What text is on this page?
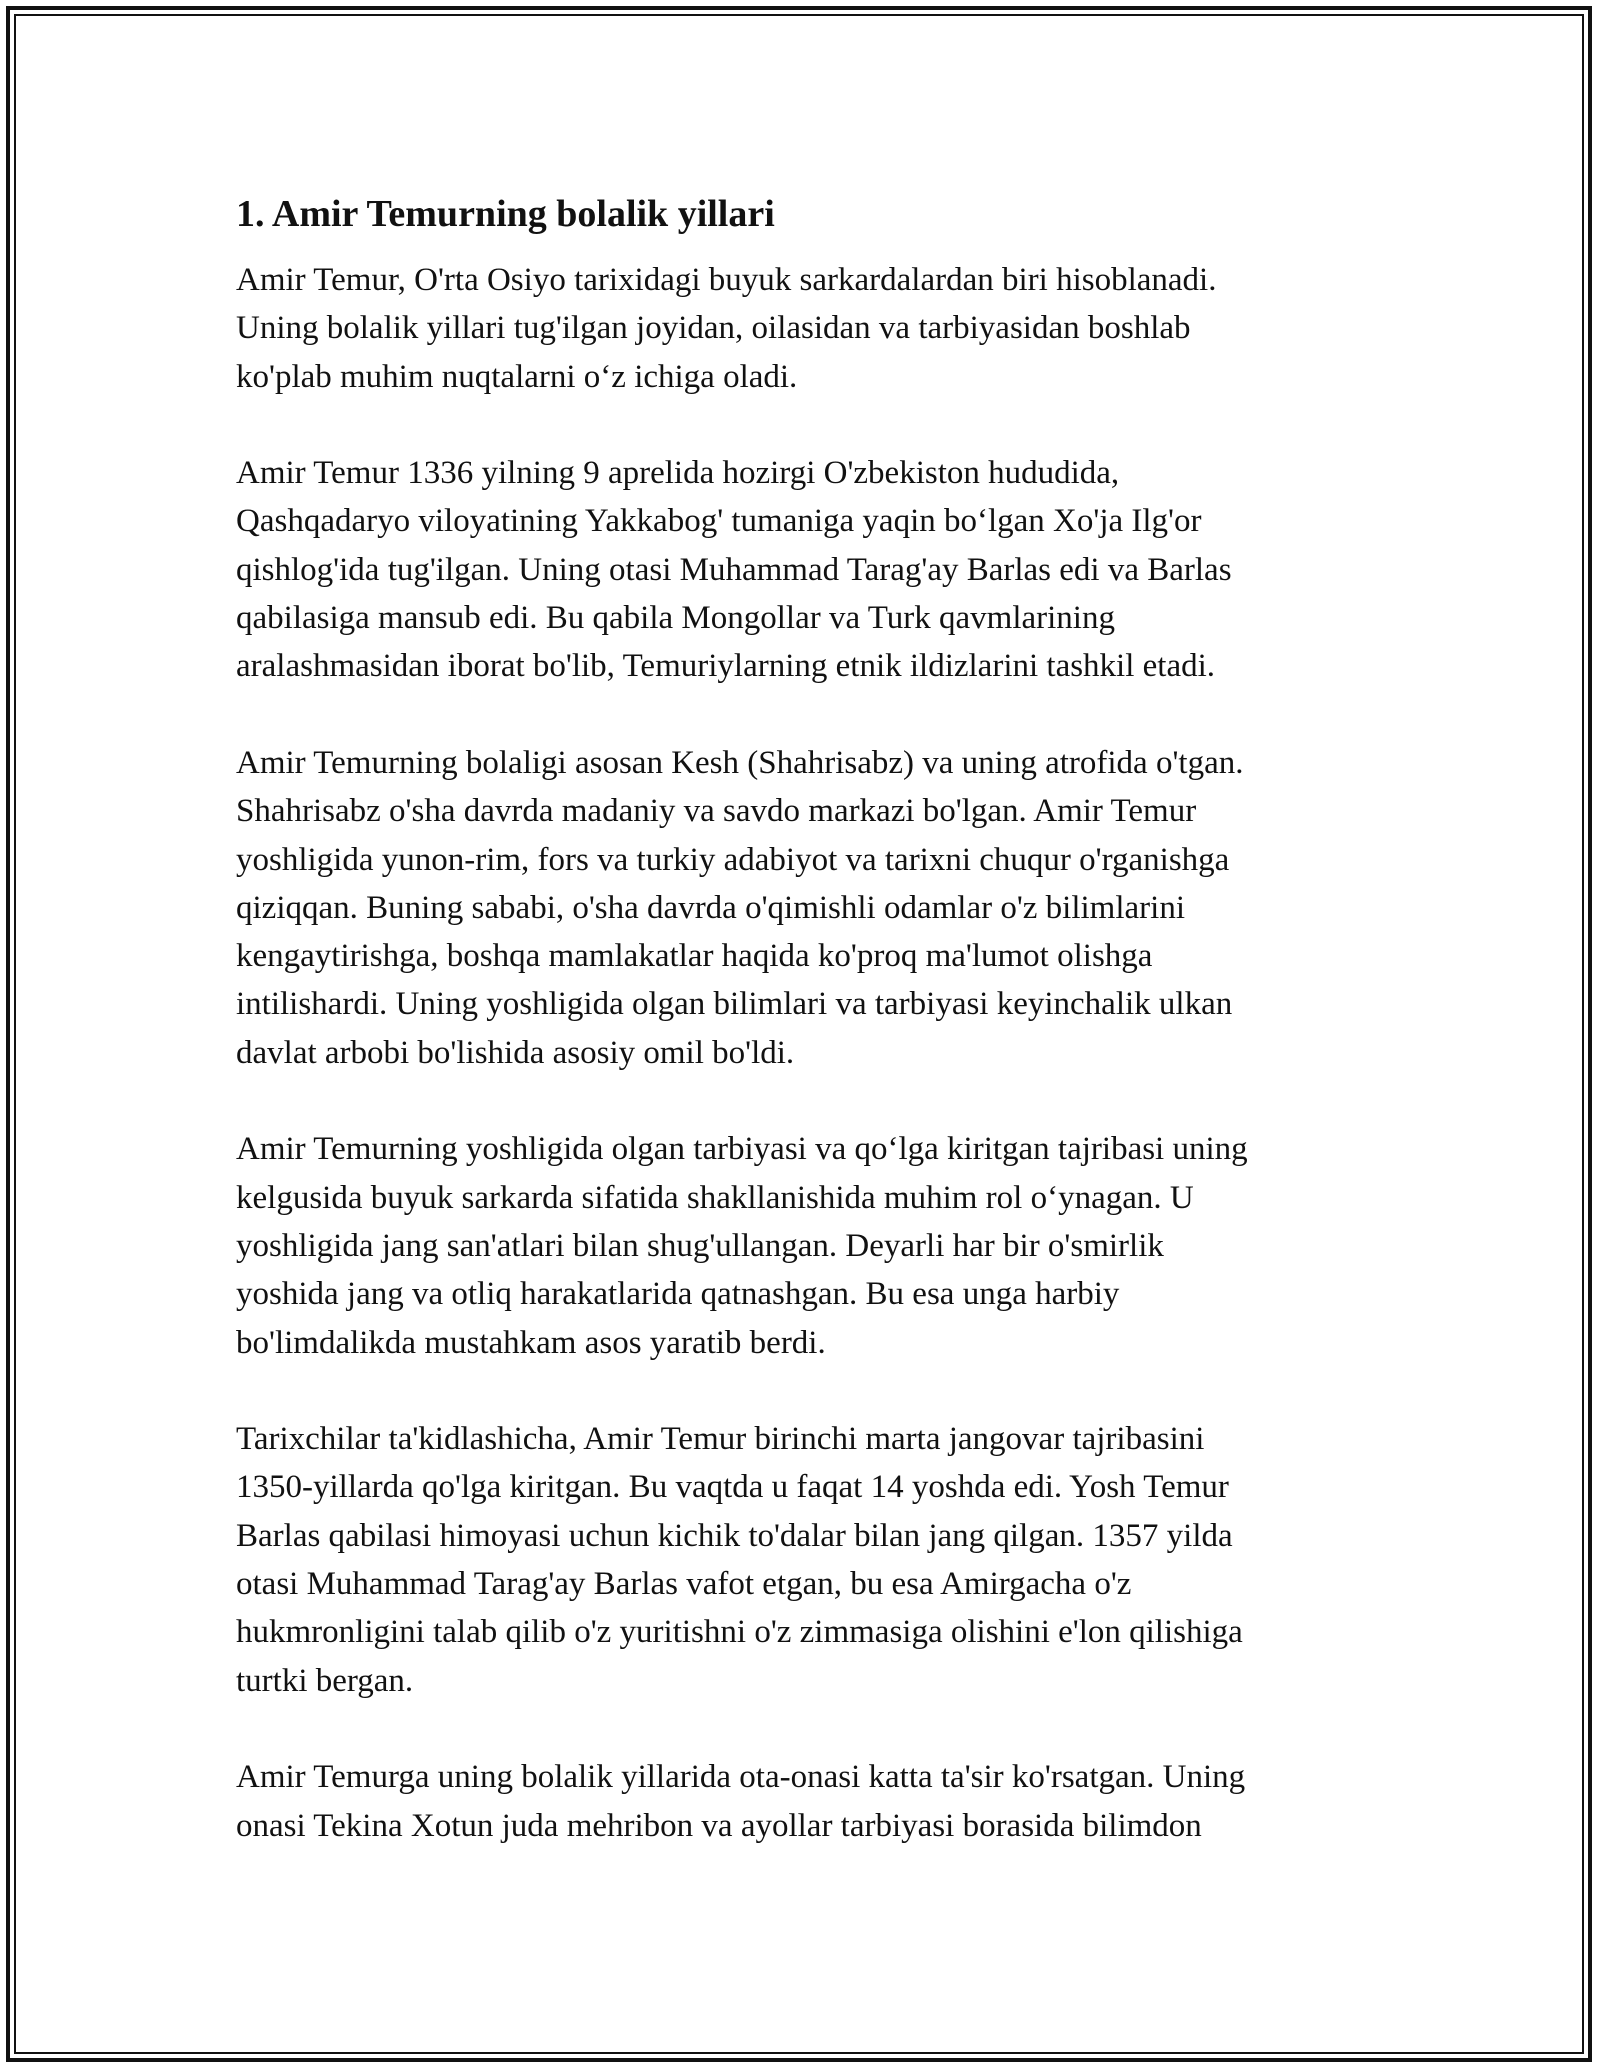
1. Amir Temurning bolalik yillari

Amir Temur, O'rta Osiyo tarixidagi buyuk sarkardalardan biri hisoblanadi.
Uning bolalik yillari tug'ilgan joyidan, oilasidan va tarbiyasidan boshlab
ko'plab muhim nuqtalarni o‘z ichiga oladi.

Amir Temur 1336 yilning 9 aprelida hozirgi O'zbekiston hududida,
Qashqadaryo viloyatining Yakkabog' tumaniga yaqin bo‘lgan Xo'ja Ilg'or
qishlog'ida tug'ilgan. Uning otasi Muhammad Tarag'ay Barlas edi va Barlas
qabilasiga mansub edi. Bu qabila Mongollar va Turk qavmlarining
aralashmasidan iborat bo'lib, Temuriylarning etnik ildizlarini tashkil etadi.

Amir Temurning bolaligi asosan Kesh (Shahrisabz) va uning atrofida o'tgan.
Shahrisabz o'sha davrda madaniy va savdo markazi bo'lgan. Amir Temur
yoshligida yunon-rim, fors va turkiy adabiyot va tarixni chuqur o'rganishga
qiziqqan. Buning sababi, o'sha davrda o'qimishli odamlar o'z bilimlarini
kengaytirishga, boshqa mamlakatlar haqida ko'proq ma'lumot olishga
intilishardi. Uning yoshligida olgan bilimlari va tarbiyasi keyinchalik ulkan
davlat arbobi bo'lishida asosiy omil bo'ldi.

Amir Temurning yoshligida olgan tarbiyasi va qo‘lga kiritgan tajribasi uning
kelgusida buyuk sarkarda sifatida shakllanishida muhim rol o‘ynagan. U
yoshligida jang san'atlari bilan shug'ullangan. Deyarli har bir o'smirlik
yoshida jang va otliq harakatlarida qatnashgan. Bu esa unga harbiy
bo'limdalikda mustahkam asos yaratib berdi.

Tarixchilar ta'kidlashicha, Amir Temur birinchi marta jangovar tajribasini
1350-yillarda qo'lga kiritgan. Bu vaqtda u faqat 14 yoshda edi. Yosh Temur
Barlas qabilasi himoyasi uchun kichik to'dalar bilan jang qilgan. 1357 yilda
otasi Muhammad Tarag'ay Barlas vafot etgan, bu esa Amirgacha o'z
hukmronligini talab qilib o'z yuritishni o'z zimmasiga olishini e'lon qilishiga
turtki bergan.

Amir Temurga uning bolalik yillarida ota-onasi katta ta'sir ko'rsatgan. Uning
onasi Tekina Xotun juda mehribon va ayollar tarbiyasi borasida bilimdon
